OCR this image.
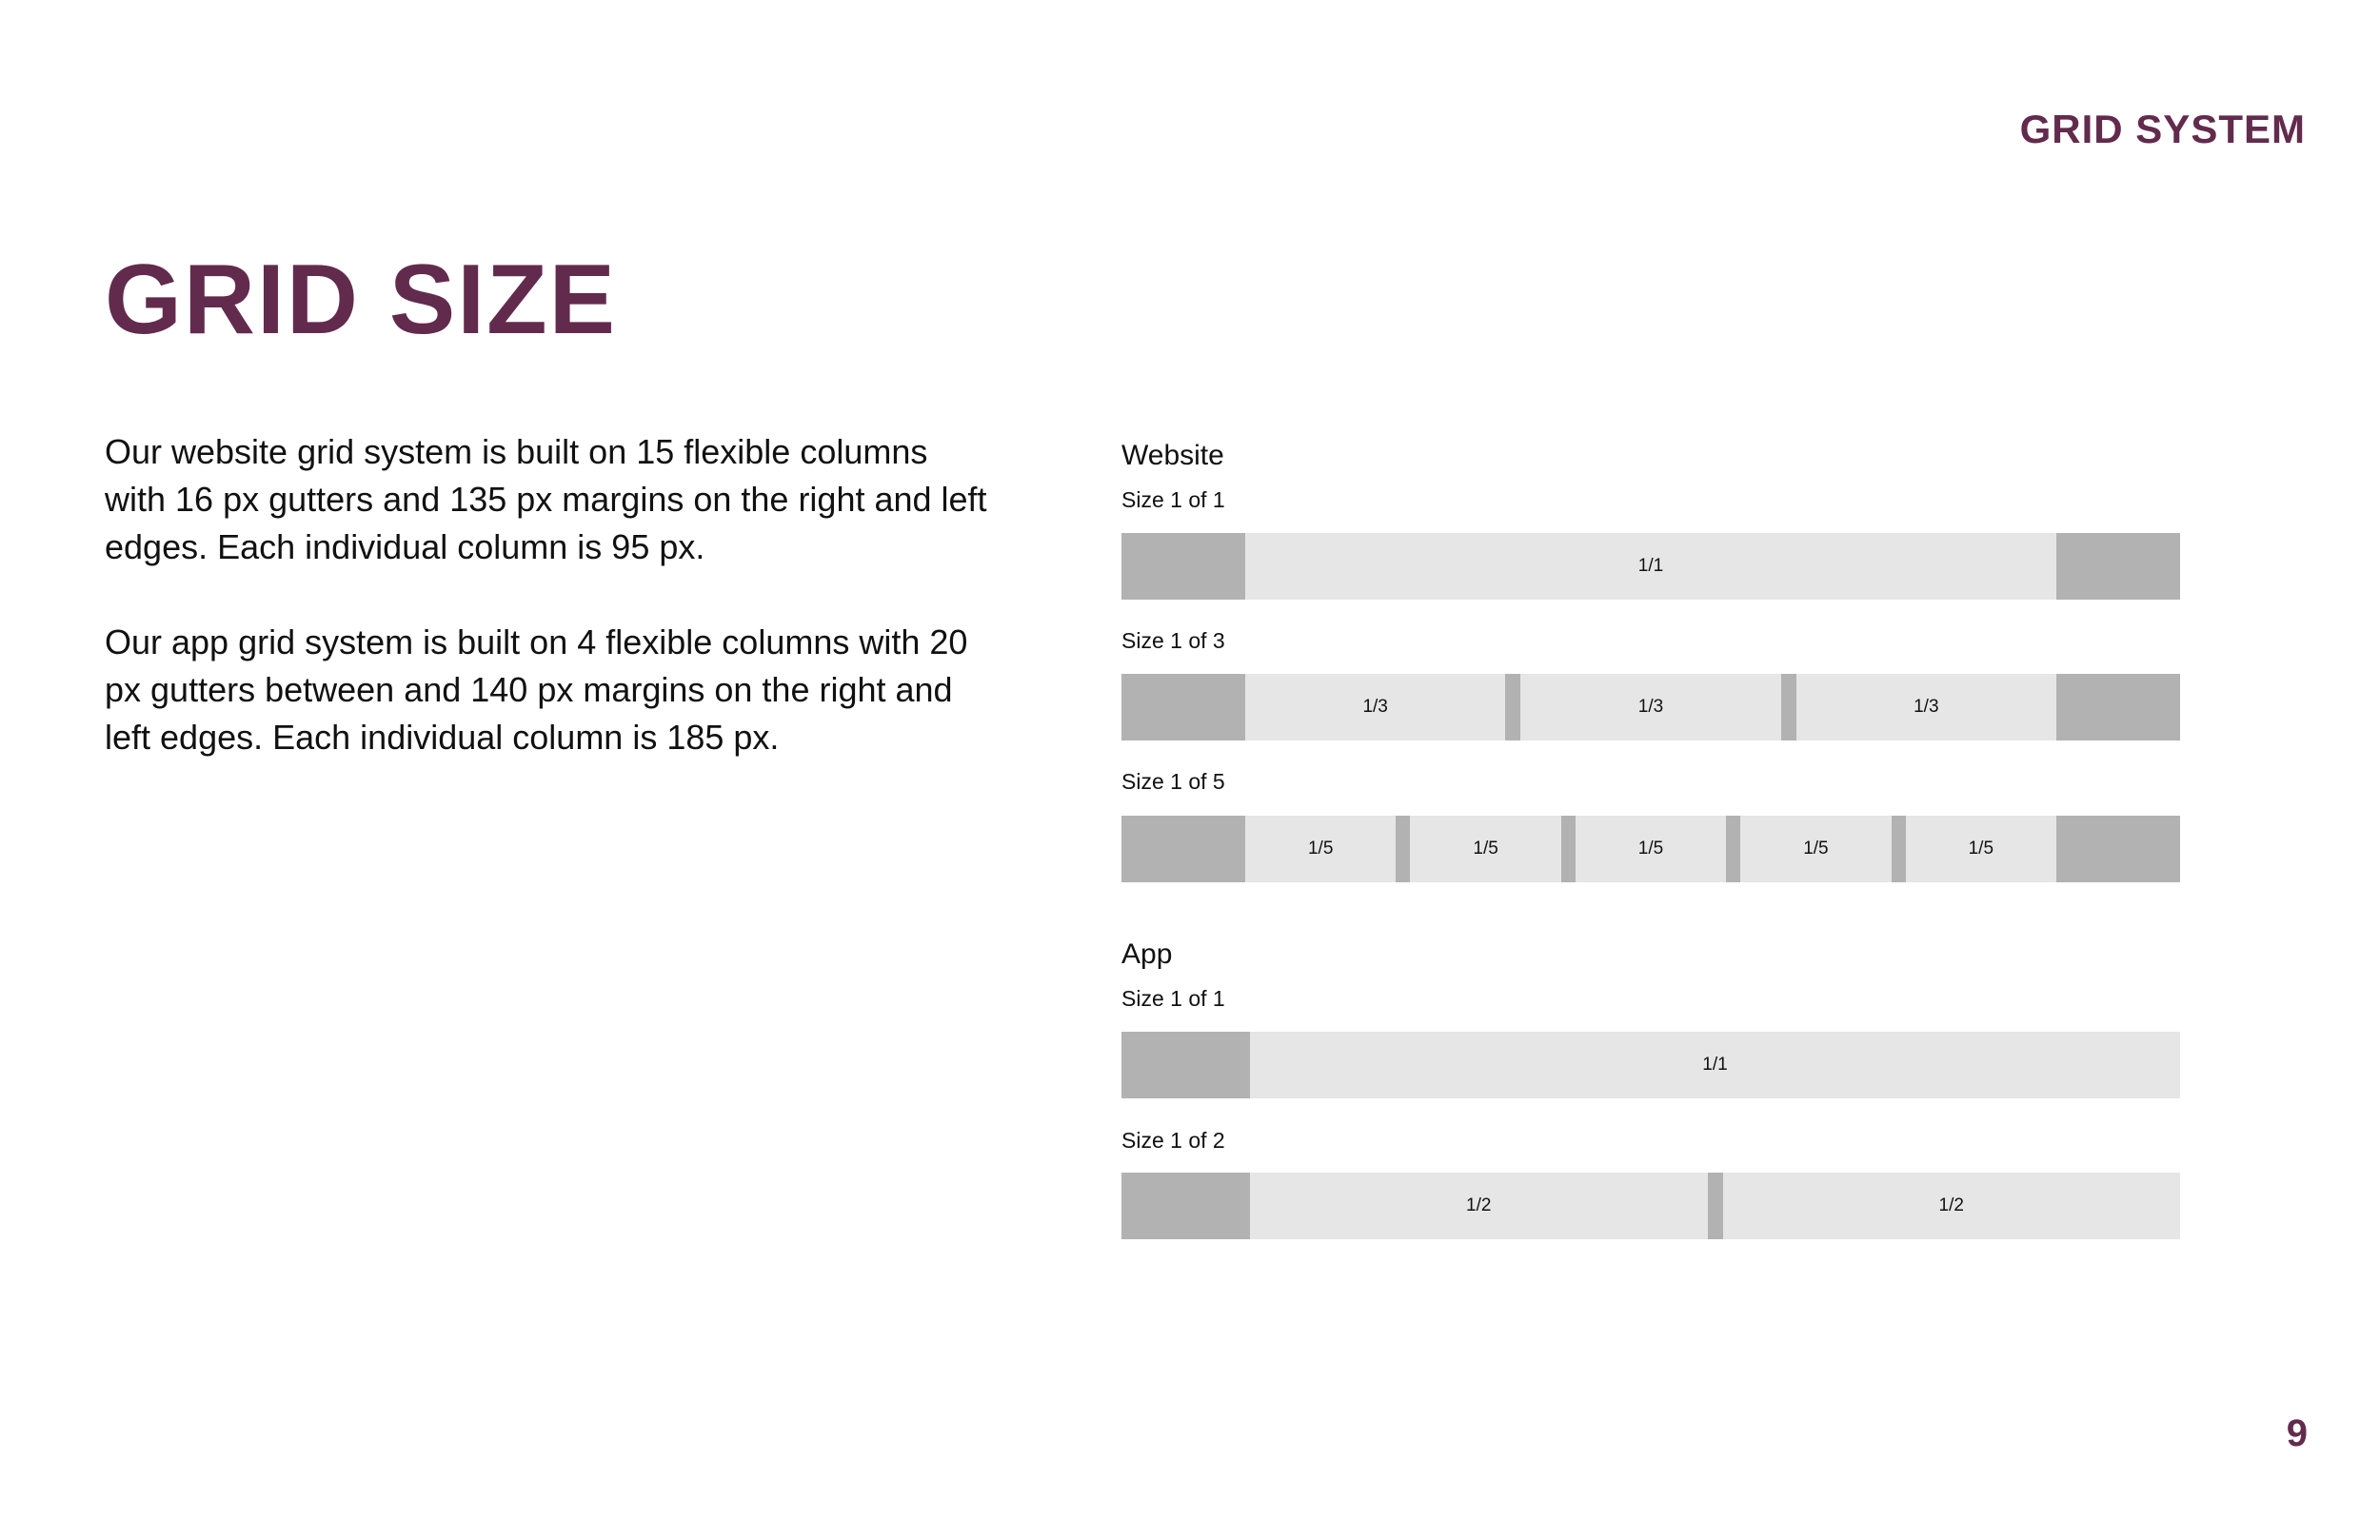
GRID SYSTEM
GRID SIZE

Our website grid system is built on 15 flexible columns with 16 px gutters and 135 px margins on the right and left edges. Each individual column is 95 px.

Our app grid system is built on 4 flexible columns with 20 px gutters between and 140 px margins on the right and left edges. Each individual column is 185 px.

Website
Size 1 of 1
1/1
Size 1 of 3
1/3	1/3	1/3
Size 1 of 5
1/5	1/5	1/5	1/5	1/5
App
Size 1 of 1
1/1
Size 1 of 2
1/2	1/2
9
